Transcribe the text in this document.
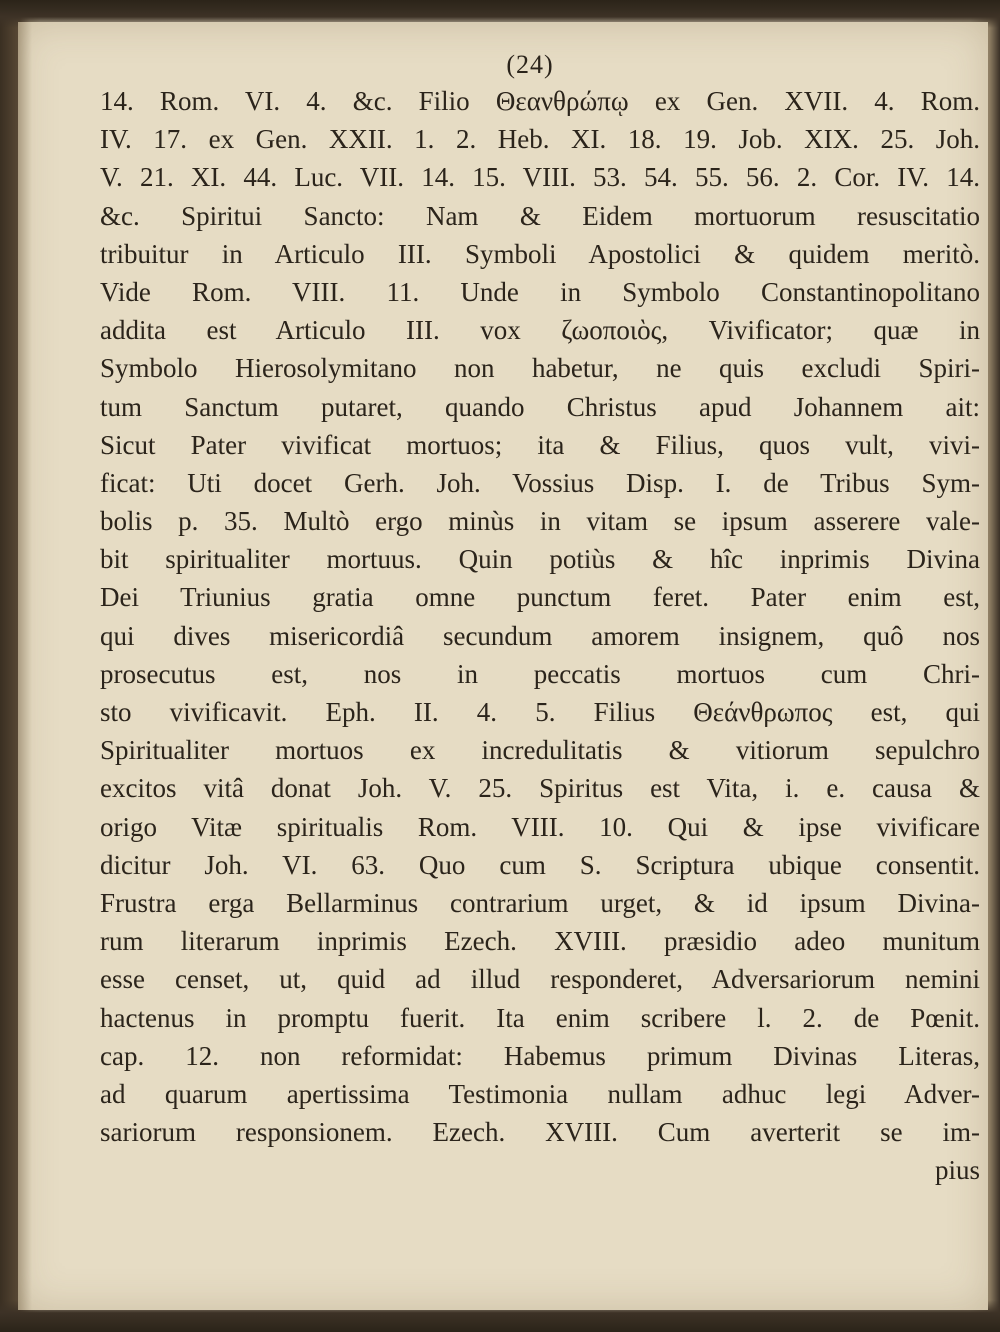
(24)
14. Rom. VI. 4. &c. Filio Θεανθρώπῳ ex Gen. XVII. 4. Rom.
IV. 17. ex Gen. XXII. 1. 2. Heb. XI. 18. 19. Job. XIX. 25. Joh.
V. 21. XI. 44. Luc. VII. 14. 15. VIII. 53. 54. 55. 56. 2. Cor. IV. 14.
&c. Spiritui Sancto: Nam & Eidem mortuorum resuscitatio
tribuitur in Articulo III. Symboli Apostolici & quidem meritò.
Vide Rom. VIII. 11. Unde in Symbolo Constantinopolitano
addita est Articulo III. vox ζωοποιὸς, Vivificator; quæ in
Symbolo Hierosolymitano non habetur, ne quis excludi Spiri-
tum Sanctum putaret, quando Christus apud Johannem ait:
Sicut Pater vivificat mortuos; ita & Filius, quos vult, vivi-
ficat: Uti docet Gerh. Joh. Vossius Disp. I. de Tribus Sym-
bolis p. 35. Multò ergo minùs in vitam se ipsum asserere vale-
bit spiritualiter mortuus. Quin potiùs & hîc inprimis Divina
Dei Triunius gratia omne punctum feret. Pater enim est,
qui dives misericordiâ secundum amorem insignem, quô nos
prosecutus est, nos in peccatis mortuos cum Chri-
sto vivificavit. Eph. II. 4. 5. Filius Θεάνθρωπος est, qui
Spiritualiter mortuos ex incredulitatis & vitiorum sepulchro
excitos vitâ donat Joh. V. 25. Spiritus est Vita, i. e. causa &
origo Vitæ spiritualis Rom. VIII. 10. Qui & ipse vivificare
dicitur Joh. VI. 63. Quo cum S. Scriptura ubique consentit.
Frustra erga Bellarminus contrarium urget, & id ipsum Divina-
rum literarum inprimis Ezech. XVIII. præsidio adeo munitum
esse censet, ut, quid ad illud responderet, Adversariorum nemini
hactenus in promptu fuerit. Ita enim scribere l. 2. de Pœnit.
cap. 12. non reformidat: Habemus primum Divinas Literas,
ad quarum apertissima Testimonia nullam adhuc legi Adver-
sariorum responsionem. Ezech. XVIII. Cum averterit se im-
pius
